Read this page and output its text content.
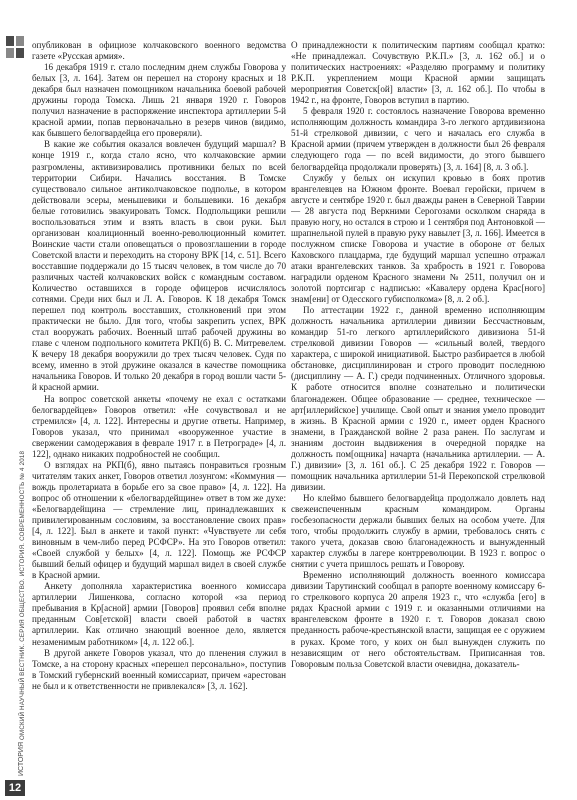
ОМСКИЙ НАУЧНЫЙ ВЕСТНИК. СЕРИЯ ОБЩЕСТВО. ИСТОРИЯ. СОВРЕМЕННОСТЬ № 4 2018
ИСТОРИЯ
12

опубликован в официозе колчаковского военного ведомства газете «Русская армия».

16 декабря 1919 г. стало последним днем службы Говорова у белых [3, л. 164]. Затем он перешел на сторону красных и 18 декабря был назначен помощником начальника боевой рабочей дружины города Томска. Лишь 21 января 1920 г. Говоров получил назначение в распоряжение инспектора артиллерии 5-й красной армии, попав первоначально в резерв чинов (видимо, как бывшего белогвардейца его проверяли).

В какие же события оказался вовлечен будущий маршал? В конце 1919 г., когда стало ясно, что колчаковские армии разгромлены, активизировались противники белых по всей территории Сибири. Начались восстания. В Томске существовало сильное антиколчаковское подполье, в котором действовали эсеры, меньшевики и большевики. 16 декабря белые готовились эвакуировать Томск. Подпольщики решили воспользоваться этим и взять власть в свои руки. Был организован коалиционный военно-революционный комитет. Воинские части стали оповещаться о провозглашении в городе Советской власти и переходить на сторону ВРК [14, с. 51]. Всего восставшие поддержали до 15 тысяч человек, в том числе до 70 различных частей колчаковских войск с командным составом. Количество оставшихся в городе офицеров исчислялось сотнями. Среди них был и Л. А. Говоров. К 18 декабря Томск перешел под контроль восставших, столкновений при этом практически не было. Для того, чтобы закрепить успех, ВРК стал вооружать рабочих. Военный штаб рабочей дружины во главе с членом подпольного комитета РКП(б) В. С. Митревелем. К вечеру 18 декабря вооружили до трех тысяч человек. Судя по всему, именно в этой дружине оказался в качестве помощника начальника Говоров. И только 20 декабря в город вошли части 5-й красной армии.

На вопрос советской анкеты «почему не ехал с остатками белогвардейцев» Говоров ответил: «Не сочувствовал и не стремился» [4, л. 122]. Интересны и другие ответы. Например, Говоров указал, что принимал «вооруженное участие в свержении самодержавия в феврале 1917 г. в Петрограде» [4, л. 122], однако никаких подробностей не сообщил.

О взглядах на РКП(б), явно пытаясь понравиться грозным читателям таких анкет, Говоров ответил лозунгом: «Коммуния — вождь пролетариата в борьбе его за свое право» [4, л. 122]. На вопрос об отношении к «белогвардейщине» ответ в том же духе: «Белогвардейщина — стремление лиц, принадлежавших к привилегированным сословиям, за восстановление своих прав» [4, л. 122]. Был в анкете и такой пункт: «Чувствуете ли себя виновным в чем-либо перед РСФСР». На это Говоров ответил: «Своей службой у белых» [4, л. 122]. Помощь же РСФСР бывший белый офицер и будущий маршал видел в своей службе в Красной армии.

Анкету дополняла характеристика военного комиссара артиллерии Лишенкова, согласно которой «за период пребывания в Кр[асной] армии [Говоров] проявил себя вполне преданным Сов[етской] власти своей работой в частях артиллерии. Как отлично знающий военное дело, является незаменимым работником» [4, л. 122 об.].

В другой анкете Говоров указал, что до пленения служил в Томске, а на сторону красных «перешел персонально», поступив в Томский губернский военный комиссариат, причем «арестован не был и к ответственности не привлекался» [3, л. 162].

О принадлежности к политическим партиям сообщал кратко: «Не принадлежал. Сочувствую Р.К.П.» [3, л. 162 об.] и о политических настроениях: «Разделяю программу и политику Р.К.П. укреплением мощи Красной армии защищать мероприятия Советск[ой] власти» [3, л. 162 об.]. По чтобы в 1942 г., на фронте, Говоров вступил в партию.

5 февраля 1920 г. состоялось назначение Говорова временно исполняющим должность командира 3-го легкого артдивизиона 51-й стрелковой дивизии, с чего и началась его служба в Красной армии (причем утвержден в должности был 26 февраля следующего года — по всей видимости, до этого бывшего белогвардейца продолжали проверять) [3, л. 164] [8, л. 3 об.].

Службу у белых он искупил кровью в боях против врангелевцев на Южном фронте. Воевал геройски, причем в августе и сентябре 1920 г. был дважды ранен в Северной Таврии — 28 августа под Веркними Серогозами осколком снаряда в правую ногу, но остался в строю и 1 сентября под Антоновкой — шрапнельной пулей в правую руку навылет [3, л. 166]. Имеется в послужном списке Говорова и участие в обороне от белых Каховского плацдарма, где будущий маршал успешно отражал атаки врангелевских танков. За храбрость в 1921 г. Говорова наградили орденом Красного знамени № 2511, получил он и золотой портсигар с надписью: «Кавалеру ордена Крас[ного] знам[ени] от Одесского губисполкома» [8, л. 2 об.].

По аттестации 1922 г., данной временно исполняющим должность начальника артиллерии дивизии Бессчастновым, командир 51-го легкого артиллерийского дивизиона 51-й стрелковой дивизии Говоров — «сильный волей, твердого характера, с широкой инициативой. Быстро разбирается в любой обстановке, дисциплинирован и строго проводит последнюю (дисциплину — А. Г.) среди подчиненных. Отличного здоровья. К работе относится вполне сознательно и политически благонадежен. Общее образование — среднее, техническое — арт[иллерийское] училище. Свой опыт и знания умело проводит в жизнь. В Красной армии с 1920 г., имеет орден Красного знамени, в Гражданской войне 2 раза ранен. По заслугам и знаниям достоин выдвижения в очередной порядке на должность пом[ощника] начарта (начальника артиллерии. — А. Г.) дивизии» [3, л. 161 об.]. С 25 декабря 1922 г. Говоров — помощник начальника артиллерии 51-й Перекопской стрелковой дивизии.

Но клеймо бывшего белогвардейца продолжало довлеть над свежеиспеченным красным командиром. Органы госбезопасности держали бывших белых на особом учете. Для того, чтобы продолжить службу в армии, требовалось снять с такого учета, доказав свою благонадежность и вынужденный характер службы в лагере контрреволюции. В 1923 г. вопрос о снятии с учета пришлось решать и Говорову.

Временно исполняющий должность военного комиссара дивизии Тарутинский сообщал в рапорте военному комиссару 6-го стрелкового корпуса 20 апреля 1923 г., что «служба [его] в рядах Красной армии с 1919 г. и оказанными отличиями на врангелевском фронте в 1920 г. т. Говоров доказал свою преданность рабоче-крестьянской власти, защищая ее с оружием в руках. Кроме того, у коих он был вынужден служить по независящим от него обстоятельствам. Приписанная тов. Говоровым польза Советской власти очевидна, доказатель-
